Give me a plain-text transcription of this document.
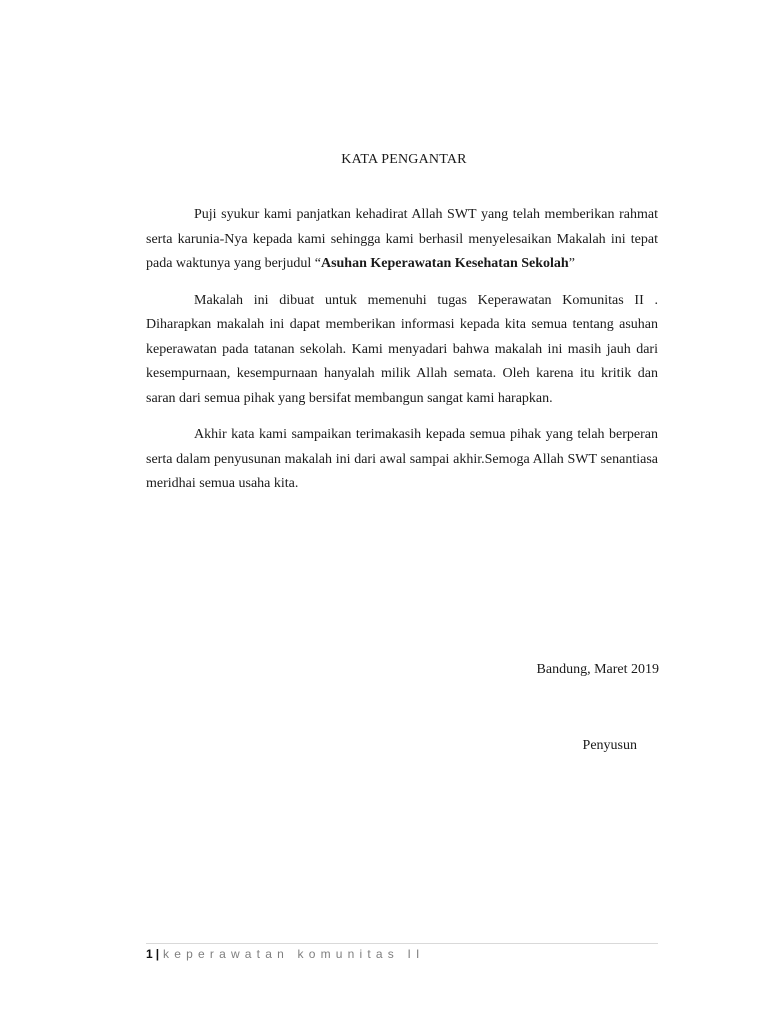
KATA PENGANTAR

Puji syukur kami panjatkan kehadirat Allah SWT yang telah memberikan rahmat serta karunia-Nya kepada kami sehingga kami berhasil menyelesaikan Makalah ini tepat pada waktunya yang berjudul “Asuhan Keperawatan Kesehatan Sekolah”

Makalah ini dibuat untuk memenuhi tugas Keperawatan Komunitas II . Diharapkan makalah ini dapat memberikan informasi kepada kita semua tentang asuhan keperawatan pada tatanan sekolah. Kami menyadari bahwa makalah ini masih jauh dari kesempurnaan, kesempurnaan hanyalah milik Allah semata. Oleh karena itu kritik dan saran dari semua pihak yang bersifat membangun sangat kami harapkan.

Akhir kata kami sampaikan terimakasih kepada semua pihak yang telah berperan serta dalam penyusunan makalah ini dari awal sampai akhir.Semoga Allah SWT senantiasa meridhai semua usaha kita.

Bandung, Maret 2019

Penyusun

1 | keperawatan komunitas II
